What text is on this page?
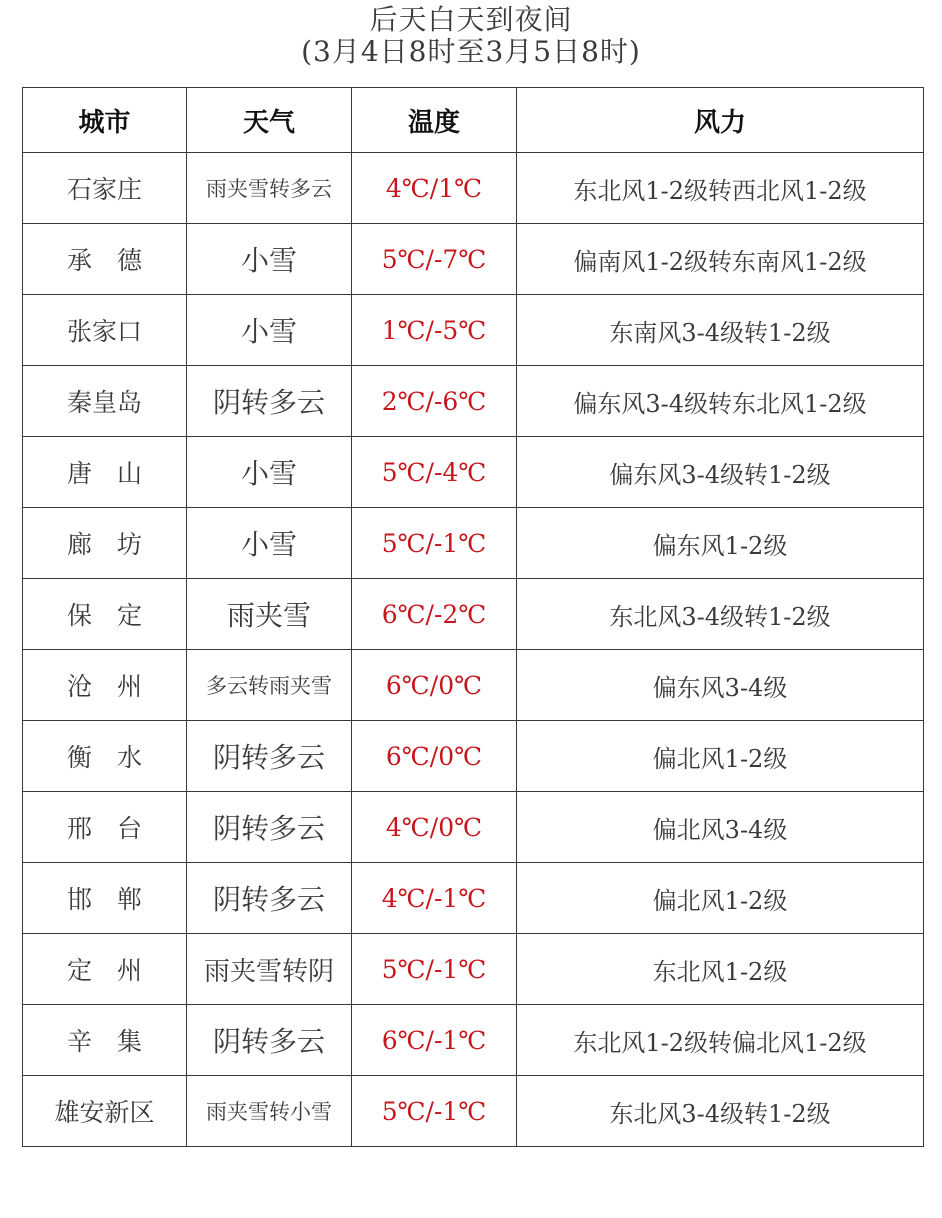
后天白天到夜间
(3月4日8时至3月5日8时)
城市	天气	温度	风力
石家庄	雨夹雪转多云	4℃/1℃	东北风1-2级转西北风1-2级
承　德	小雪	5℃/-7℃	偏南风1-2级转东南风1-2级
张家口	小雪	1℃/-5℃	东南风3-4级转1-2级
秦皇岛	阴转多云	2℃/-6℃	偏东风3-4级转东北风1-2级
唐　山	小雪	5℃/-4℃	偏东风3-4级转1-2级
廊　坊	小雪	5℃/-1℃	偏东风1-2级
保　定	雨夹雪	6℃/-2℃	东北风3-4级转1-2级
沧　州	多云转雨夹雪	6℃/0℃	偏东风3-4级
衡　水	阴转多云	6℃/0℃	偏北风1-2级
邢　台	阴转多云	4℃/0℃	偏北风3-4级
邯　郸	阴转多云	4℃/-1℃	偏北风1-2级
定　州	雨夹雪转阴	5℃/-1℃	东北风1-2级
辛　集	阴转多云	6℃/-1℃	东北风1-2级转偏北风1-2级
雄安新区	雨夹雪转小雪	5℃/-1℃	东北风3-4级转1-2级
